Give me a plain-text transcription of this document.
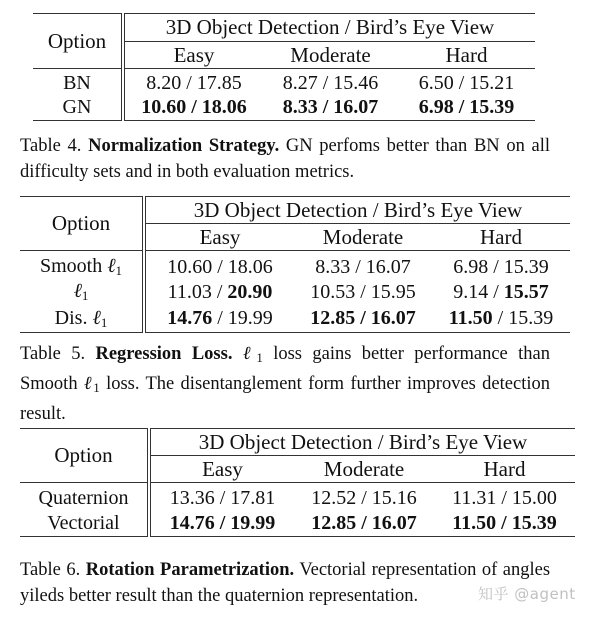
Option	3D Object Detection / Bird’s Eye View		
	Easy	Moderate	Hard
BN	8.20 / 17.85	8.27 / 15.46	6.50 / 15.21
GN	10.60 / 18.06	8.33 / 16.07	6.98 / 15.39
Table 4. Normalization Strategy. GN perfoms better than BN on all difficulty sets and in both evaluation metrics.
Option	3D Object Detection / Bird’s Eye View		
	Easy	Moderate	Hard
Smooth ℓ$_1$	10.60 / 18.06	8.33 / 16.07	6.98 / 15.39
ℓ$_1$	11.03 / 20.90	10.53 / 15.95	9.14 / 15.57
Dis. ℓ$_1$	14.76 / 19.99	12.85 / 16.07	11.50 / 15.39
Table 5. Regression Loss. ℓ$_1$ loss gains better performance than Smooth ℓ$_1$ loss. The disentanglement form further improves detection result.
Option	3D Object Detection / Bird’s Eye View		
	Easy	Moderate	Hard
Quaternion	13.36 / 17.81	12.52 / 15.16	11.31 / 15.00
Vectorial	14.76 / 19.99	12.85 / 16.07	11.50 / 15.39
Table 6. Rotation Parametrization. Vectorial representation of angles yileds better result than the quaternion representation.	知乎 @agent
